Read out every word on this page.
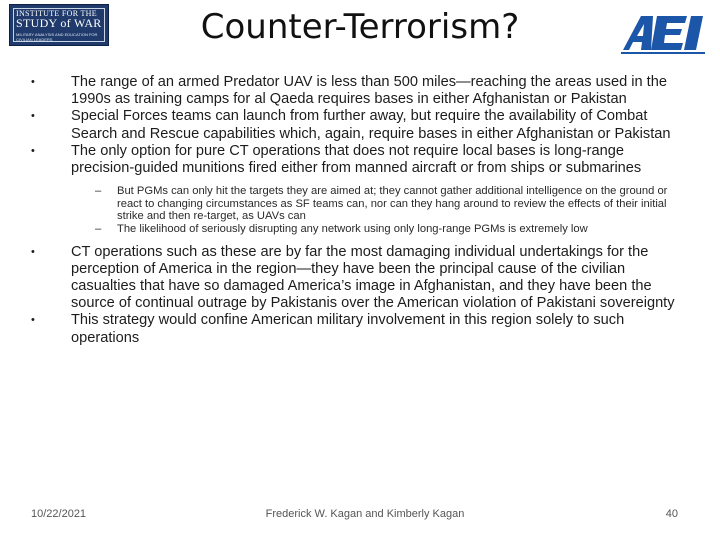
INSTITUTE FOR THE
STUDY of WAR
MILITARY ANALYSIS AND EDUCATION FOR CIVILIAN LEADERS	Counter-Terrorism?
• The range of an armed Predator UAV is less than 500 miles—reaching the areas used in the 1990s as training camps for al Qaeda requires bases in either Afghanistan or Pakistan
• Special Forces teams can launch from further away, but require the availability of Combat Search and Rescue capabilities which, again, require bases in either Afghanistan or Pakistan
• The only option for pure CT operations that does not require local bases is long-range precision-guided munitions fired either from manned aircraft or from ships or submarines
– But PGMs can only hit the targets they are aimed at; they cannot gather additional intelligence on the ground or react to changing circumstances as SF teams can, nor can they hang around to review the effects of their initial strike and then re-target, as UAVs can
– The likelihood of seriously disrupting any network using only long-range PGMs is extremely low
• CT operations such as these are by far the most damaging individual undertakings for the perception of America in the region—they have been the principal cause of the civilian casualties that have so damaged America’s image in Afghanistan, and they have been the source of continual outrage by Pakistanis over the American violation of Pakistani sovereignty
• This strategy would confine American military involvement in this region solely to such operations
10/22/2021	Frederick W. Kagan and Kimberly Kagan	40
